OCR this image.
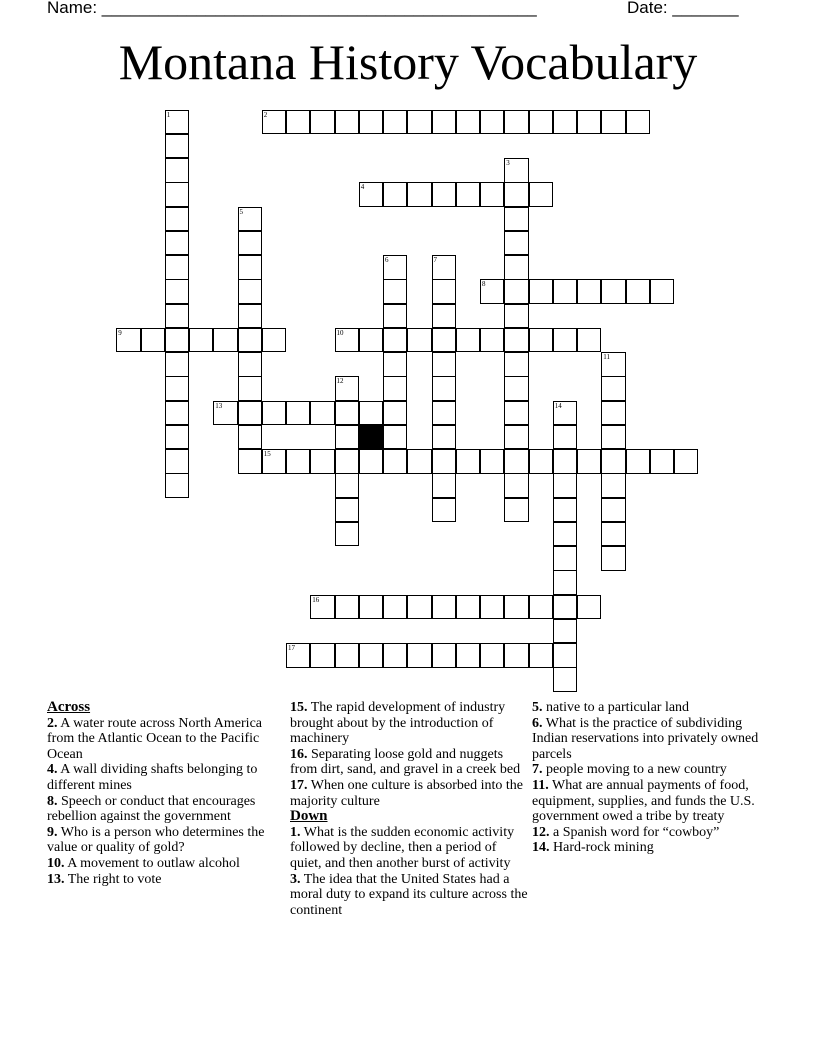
Name: ______________________________________________	Date: _______
Montana History Vocabulary
1	2
3
4
5
6	7
8
9	10
11
12
13	14
15
16
17
Across
2. A water route across North America from the Atlantic Ocean to the Pacific Ocean
4. A wall dividing shafts belonging to different mines
8. Speech or conduct that encourages rebellion against the government
9. Who is a person who determines the value or quality of gold?
10. A movement to outlaw alcohol
13. The right to vote
15. The rapid development of industry brought about by the introduction of machinery
16. Separating loose gold and nuggets from dirt, sand, and gravel in a creek bed
17. When one culture is absorbed into the majority culture
Down
1. What is the sudden economic activity followed by decline, then a period of quiet, and then another burst of activity
3. The idea that the United States had a moral duty to expand its culture across the continent
5. native to a particular land
6. What is the practice of subdividing Indian reservations into privately owned parcels
7. people moving to a new country
11. What are annual payments of food, equipment, supplies, and funds the U.S. government owed a tribe by treaty
12. a Spanish word for “cowboy”
14. Hard-rock mining
